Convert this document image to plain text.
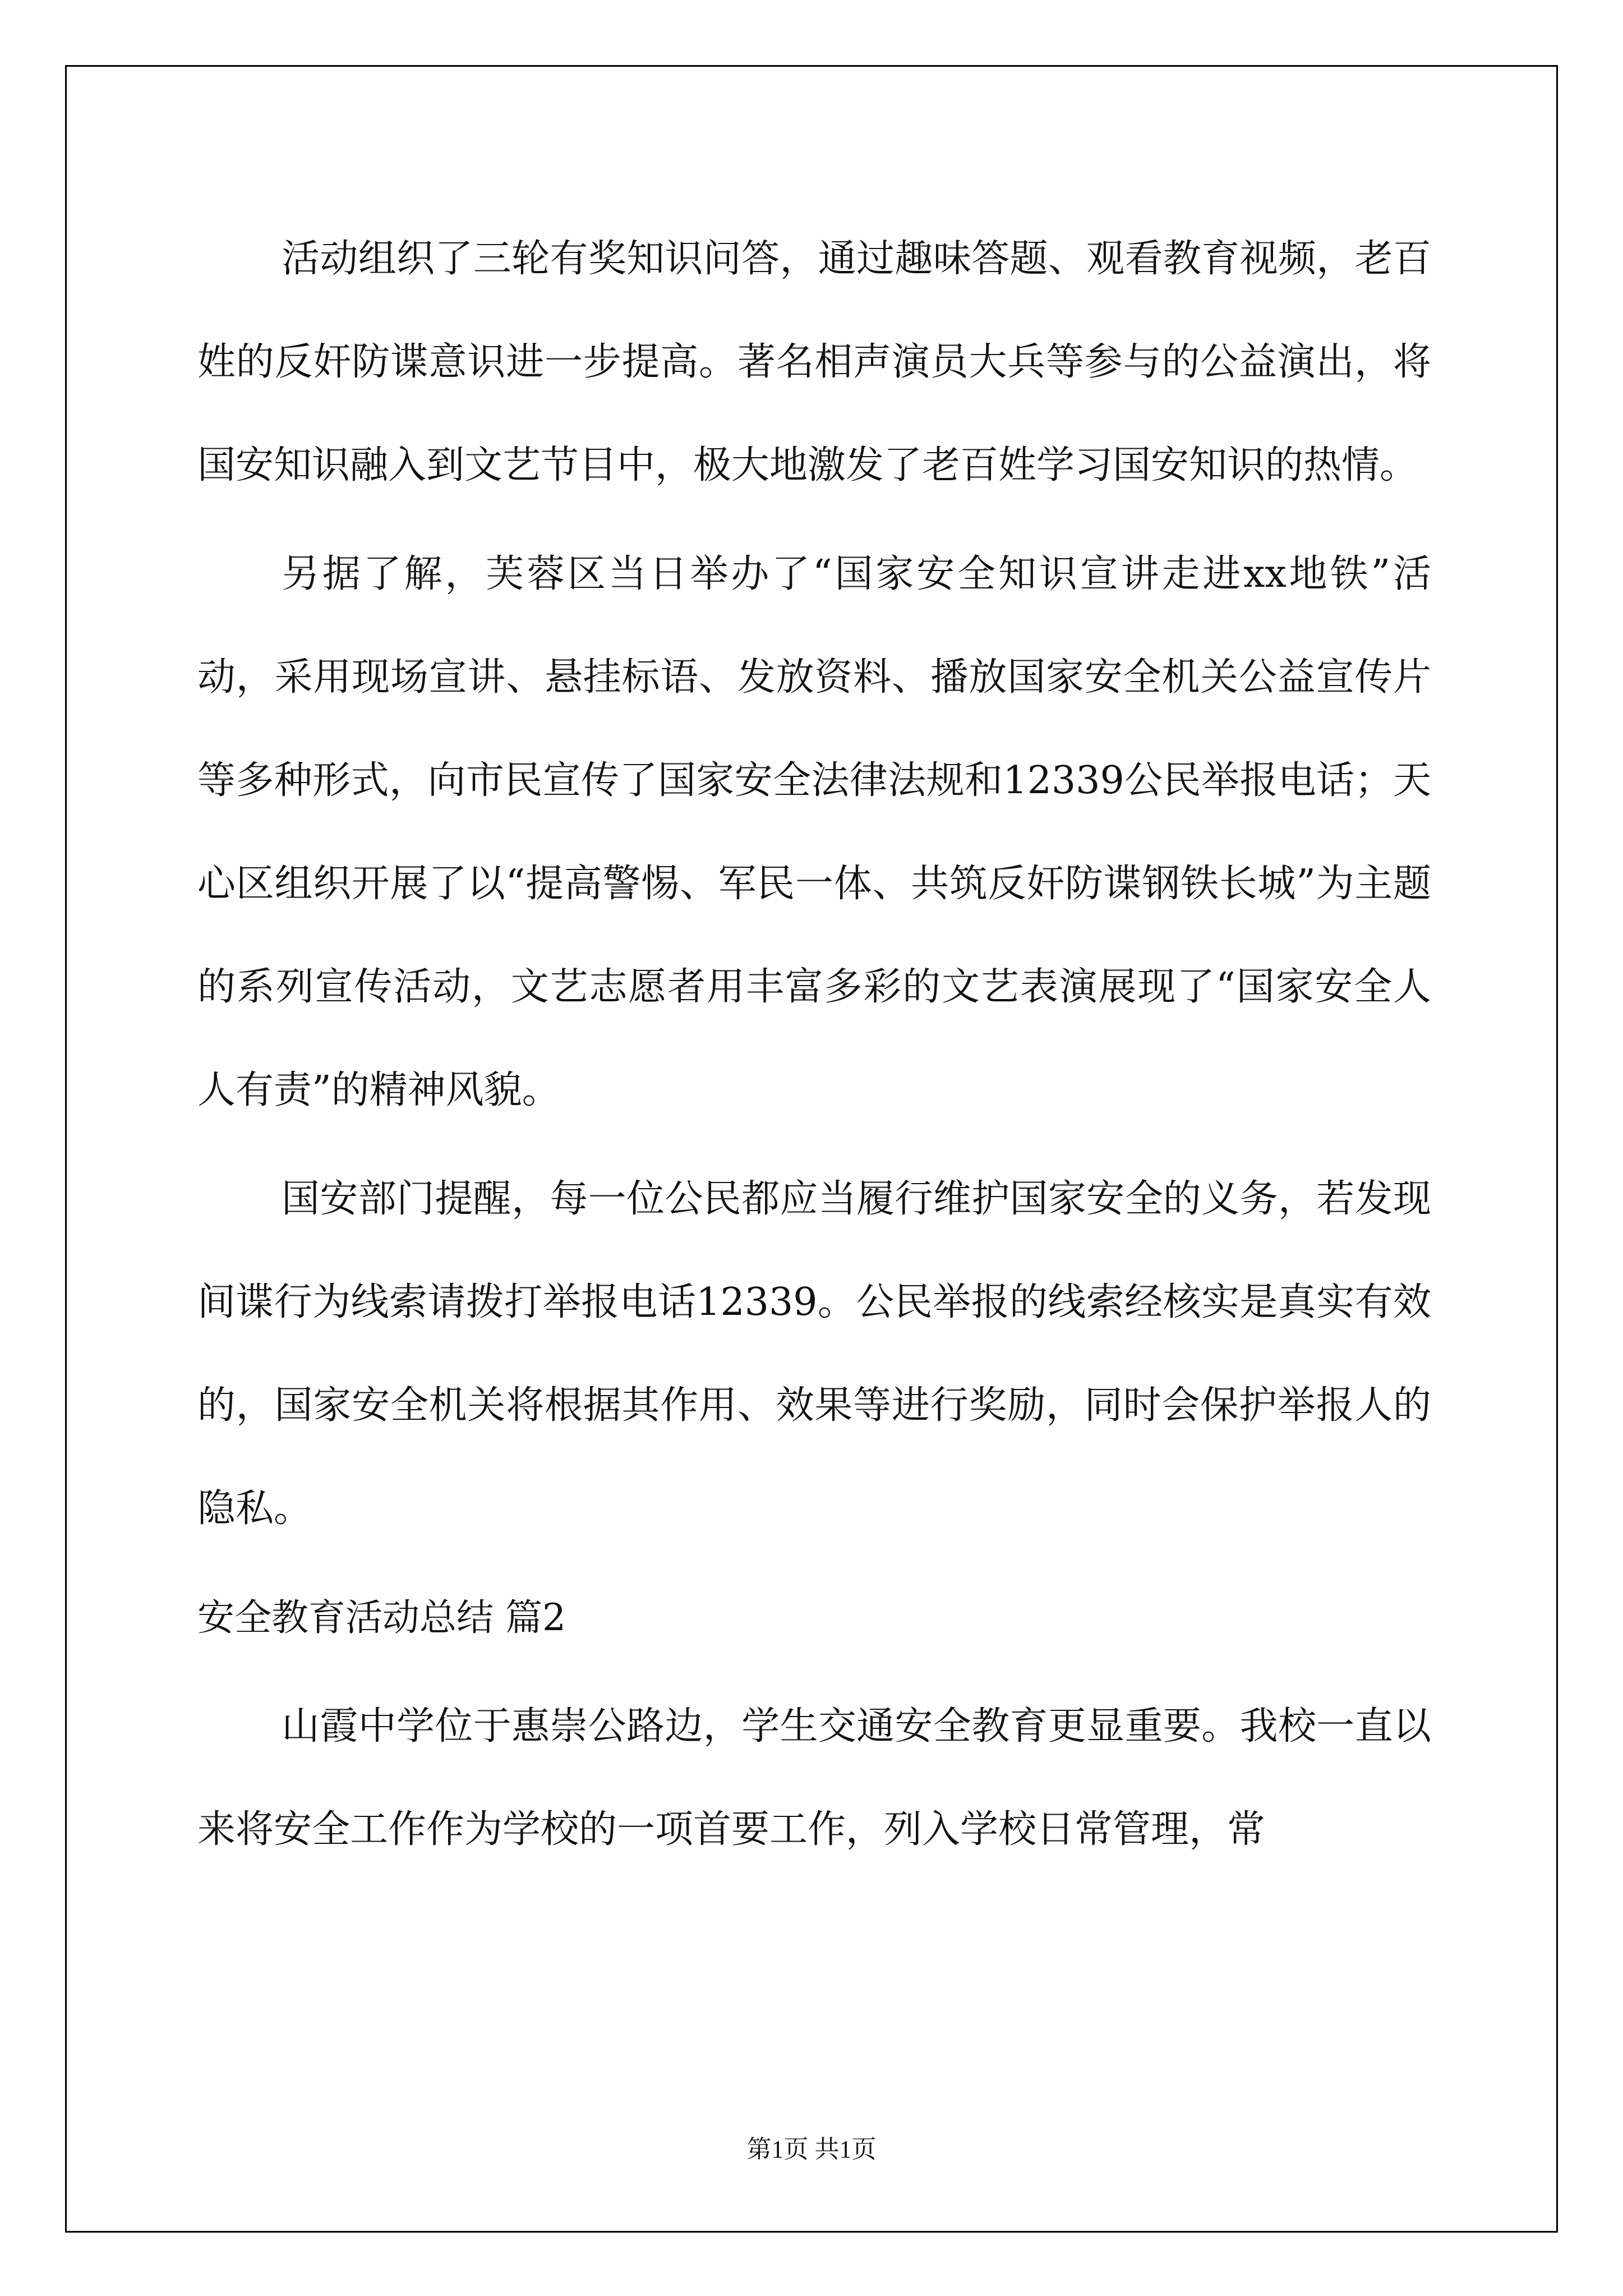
活动组织了三轮有奖知识问答，通过趣味答题、观看教育视频，老百姓的反奸防谍意识进一步提高。著名相声演员大兵等参与的公益演出，将国安知识融入到文艺节目中，极大地激发了老百姓学习国安知识的热情。

另据了解，芙蓉区当日举办了“国家安全知识宣讲走进xx地铁”活动，采用现场宣讲、悬挂标语、发放资料、播放国家安全机关公益宣传片等多种形式，向市民宣传了国家安全法律法规和12339公民举报电话；天心区组织开展了以“提高警惕、军民一体、共筑反奸防谍钢铁长城”为主题的系列宣传活动，文艺志愿者用丰富多彩的文艺表演展现了“国家安全人人有责”的精神风貌。

国安部门提醒，每一位公民都应当履行维护国家安全的义务，若发现间谍行为线索请拨打举报电话12339。公民举报的线索经核实是真实有效的，国家安全机关将根据其作用、效果等进行奖励，同时会保护举报人的隐私。

安全教育活动总结 篇2

山霞中学位于惠崇公路边，学生交通安全教育更显重要。我校一直以来将安全工作作为学校的一项首要工作，列入学校日常管理，常

第1页 共1页
